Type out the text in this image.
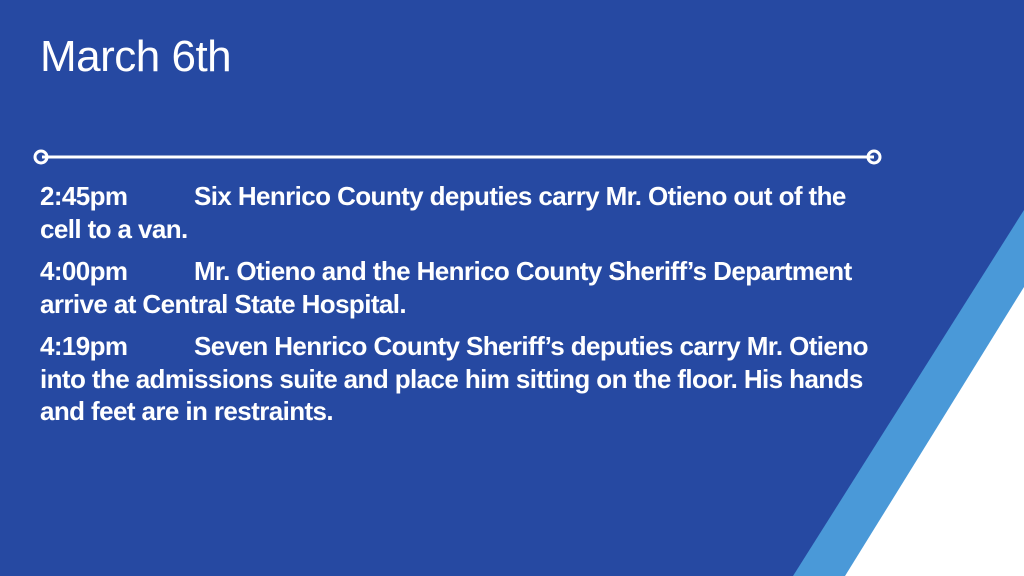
March 6th
2:45pm	Six Henrico County deputies carry Mr. Otieno out of the cell to a van.
4:00pm	Mr. Otieno and the Henrico County Sheriff’s Department arrive at Central State Hospital.
4:19pm	Seven Henrico County Sheriff’s deputies carry Mr. Otieno into the admissions suite and place him sitting on the floor. His hands and feet are in restraints.
